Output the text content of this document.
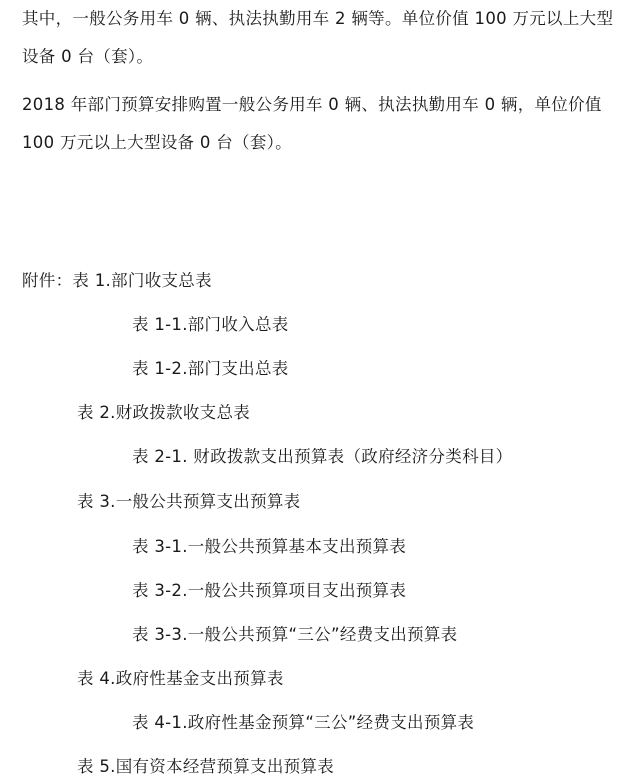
其中，一般公务用车 0 辆、执法执勤用车 2 辆等。单位价值 100 万元以上大型设备 0 台（套）。

2018 年部门预算安排购置一般公务用车 0 辆、执法执勤用车 0 辆，单位价值 100 万元以上大型设备 0 台（套）。

附件：表 1.部门收支总表
表 1-1.部门收入总表
表 1-2.部门支出总表
表 2.财政拨款收支总表
表 2-1. 财政拨款支出预算表（政府经济分类科目）
表 3.一般公共预算支出预算表
表 3-1.一般公共预算基本支出预算表
表 3-2.一般公共预算项目支出预算表
表 3-3.一般公共预算“三公”经费支出预算表
表 4.政府性基金支出预算表
表 4-1.政府性基金预算“三公”经费支出预算表
表 5.国有资本经营预算支出预算表
